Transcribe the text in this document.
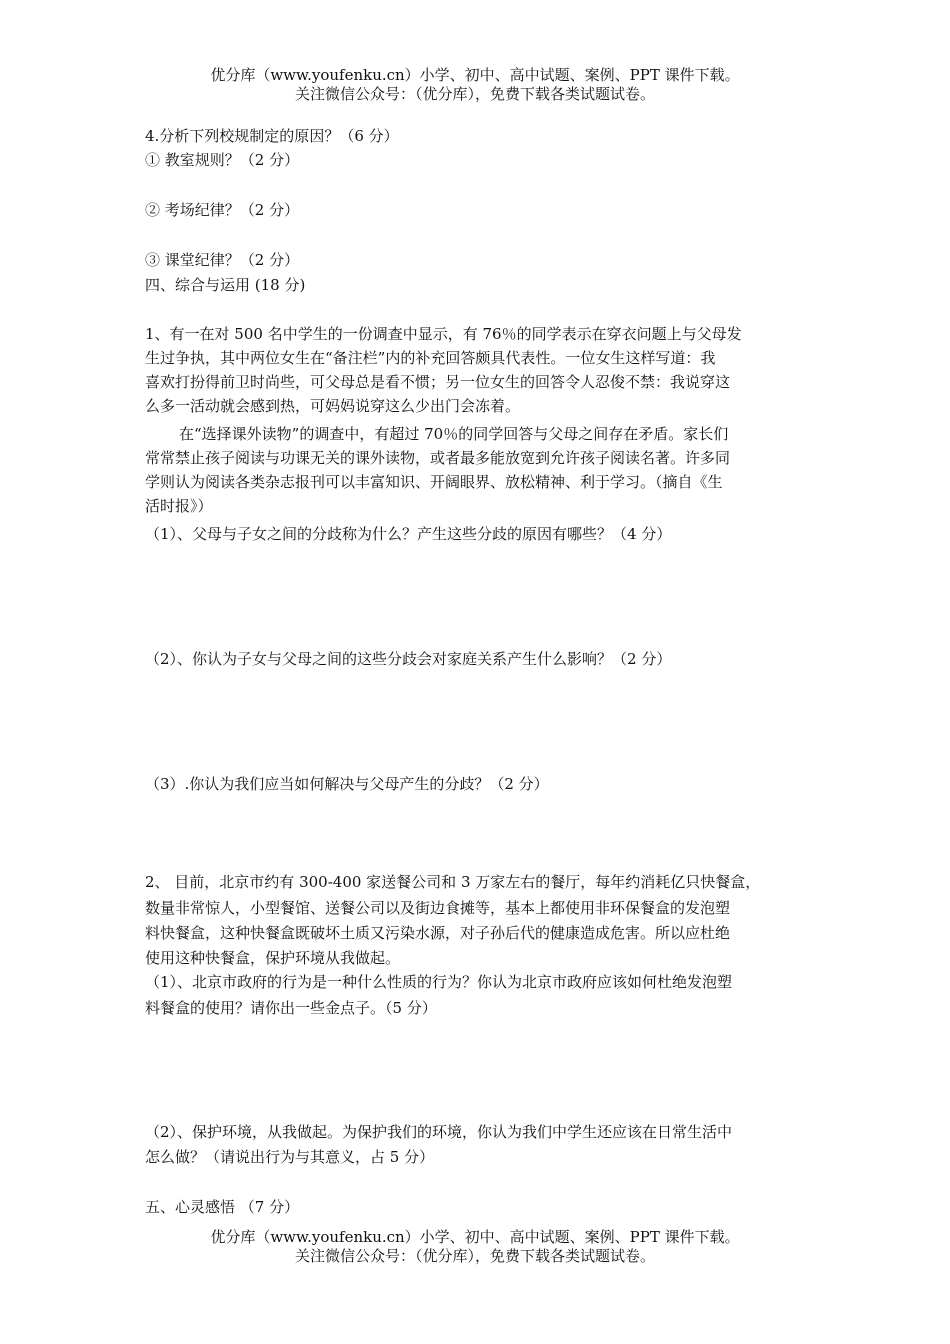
优分库（www.youfenku.cn）小学、初中、高中试题、案例、PPT 课件下载。
关注微信公众号：（优分库），免费下载各类试题试卷。
4.分析下列校规制定的原因？（6 分）
① 教室规则？（2 分）
② 考场纪律？（2 分）
③ 课堂纪律？（2 分）
四、综合与运用 (18 分)
1、有一在对 500 名中学生的一份调查中显示，有 76％的同学表示在穿衣问题上与父母发
生过争执，其中两位女生在“备注栏”内的补充回答颇具代表性。一位女生这样写道：我
喜欢打扮得前卫时尚些，可父母总是看不惯；另一位女生的回答令人忍俊不禁：我说穿这
么多一活动就会感到热，可妈妈说穿这么少出门会冻着。
在“选择课外读物”的调查中，有超过 70％的同学回答与父母之间存在矛盾。家长们
常常禁止孩子阅读与功课无关的课外读物，或者最多能放宽到允许孩子阅读名著。许多同
学则认为阅读各类杂志报刊可以丰富知识、开阔眼界、放松精神、利于学习。（摘自《生
活时报》）
（1）、父母与子女之间的分歧称为什么？产生这些分歧的原因有哪些？（4 分）
（2）、你认为子女与父母之间的这些分歧会对家庭关系产生什么影响？（2 分）
（3）.你认为我们应当如何解决与父母产生的分歧？（2 分）
2、 目前，北京市约有 300-400 家送餐公司和 3 万家左右的餐厅，每年约消耗亿只快餐盒，
数量非常惊人，小型餐馆、送餐公司以及街边食摊等，基本上都使用非环保餐盒的发泡塑
料快餐盒，这种快餐盒既破坏土质又污染水源，对子孙后代的健康造成危害。所以应杜绝
使用这种快餐盒，保护环境从我做起。
（1）、北京市政府的行为是一种什么性质的行为？你认为北京市政府应该如何杜绝发泡塑
料餐盒的使用？请你出一些金点子。（5 分）
（2）、保护环境，从我做起。为保护我们的环境，你认为我们中学生还应该在日常生活中
怎么做？（请说出行为与其意义，占 5 分）
五、心灵感悟 （7 分）
优分库（www.youfenku.cn）小学、初中、高中试题、案例、PPT 课件下载。
关注微信公众号：（优分库），免费下载各类试题试卷。
